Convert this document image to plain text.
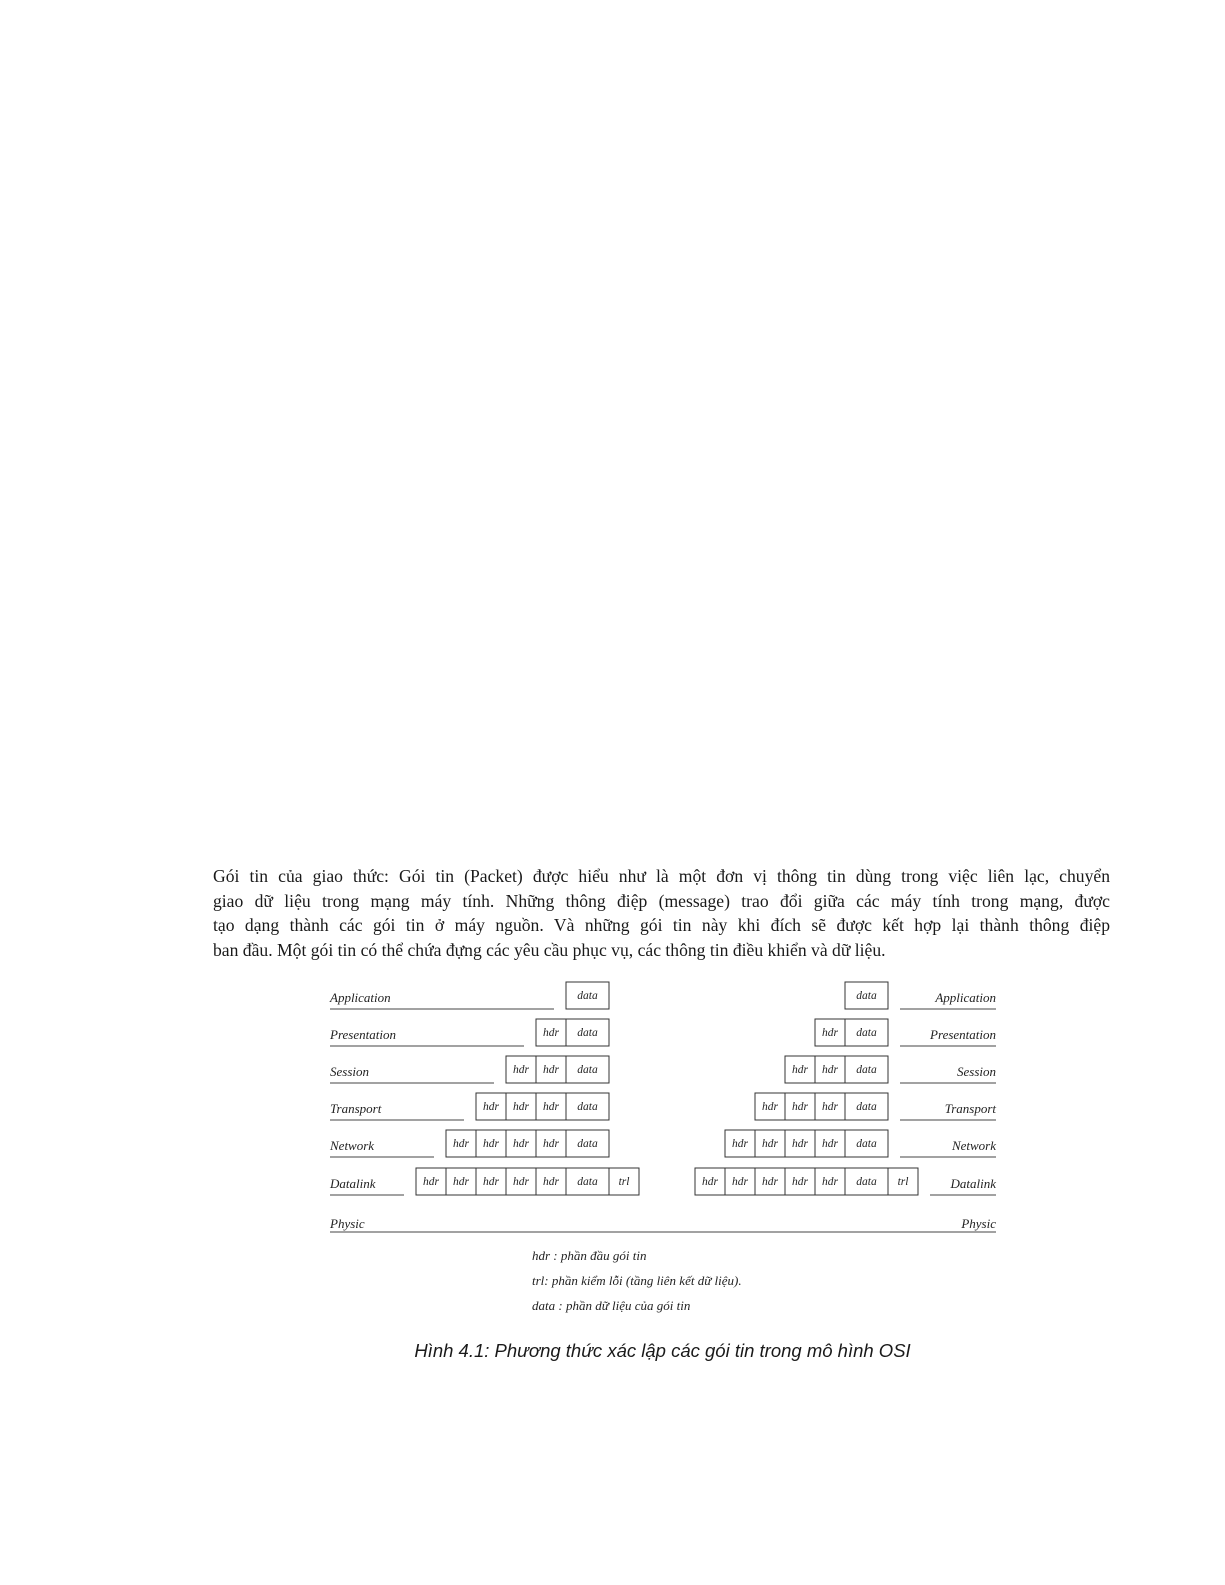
Gói tin của giao thức: Gói tin (Packet) được hiểu như là một đơn vị thông tin dùng trong việc liên lạc, chuyển
giao dữ liệu trong mạng máy tính. Những thông điệp (message) trao đổi giữa các máy tính trong mạng, được
tạo dạng thành các gói tin ở máy nguồn. Và những gói tin này khi đích sẽ được kết hợp lại thành thông điệp
ban đầu. Một gói tin có thể chứa đựng các yêu cầu phục vụ, các thông tin điều khiển và dữ liệu.
Application	data
Presentation	hdr data
Session	hdr hdr data
Transport	hdr hdr hdr data
Network	hdr hdr hdr hdr data
Datalink	hdr hdr hdr hdr hdr data trl
data	Application
hdr data	Presentation
hdr hdr data	Session
hdr hdr hdr data	Transport
hdr hdr hdr hdr data	Network
hdr hdr hdr hdr hdr data trl	Datalink
Physic	Physic
hdr : phần đầu gói tin
trl: phần kiểm lỗi (tầng liên kết dữ liệu).
data : phần dữ liệu của gói tin

Hình 4.1: Phương thức xác lập các gói tin trong mô hình OSI
